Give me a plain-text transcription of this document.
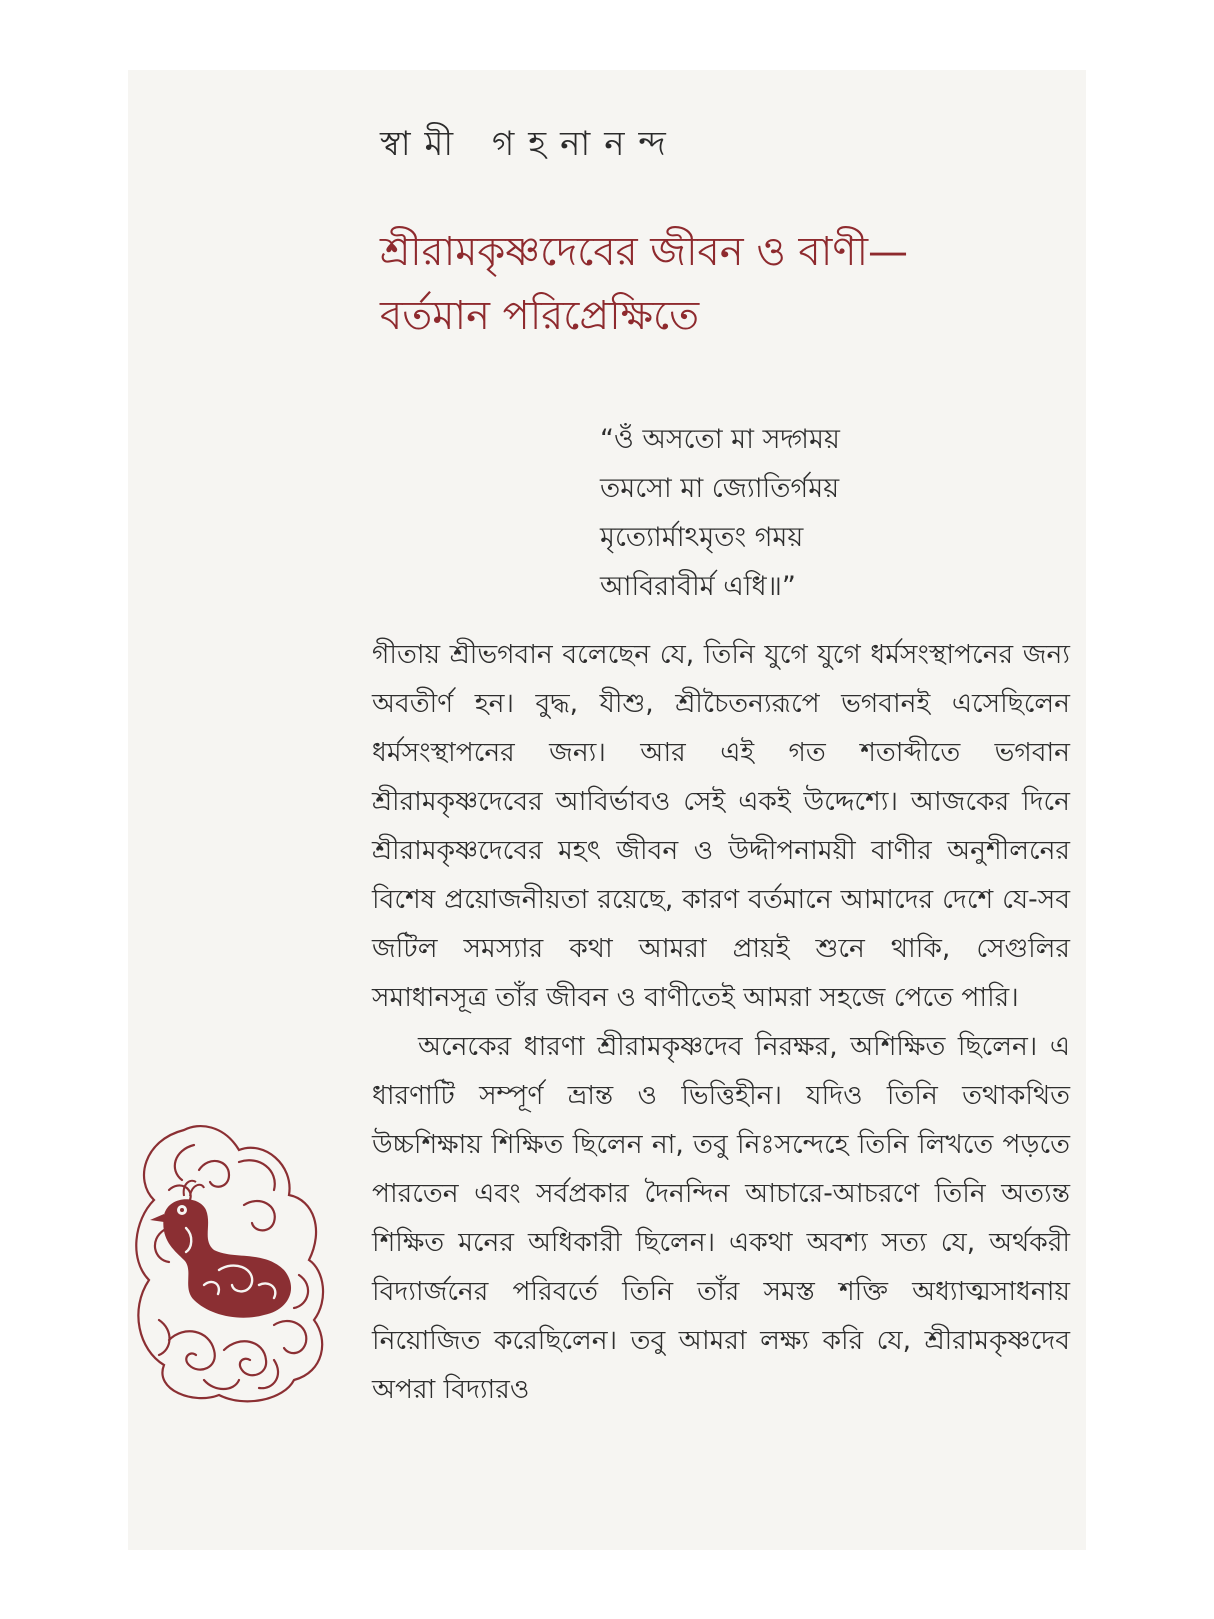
স্বামী গহনানন্দ
শ্রীরামকৃষ্ণদেবের জীবন ও বাণী—
বর্তমান পরিপ্রেক্ষিতে
“ওঁ অসতো মা সদ্গময়
তমসো মা জ্যোতির্গময়
মৃত্যোর্মাঽমৃতং গময়
আবিরাবীর্ম এধি॥”

গীতায় শ্রীভগবান বলেছেন যে, তিনি যুগে যুগে ধর্মসংস্থাপনের জন্য অবতীর্ণ হন। বুদ্ধ, যীশু, শ্রীচৈতন্যরূপে ভগবানই এসেছিলেন ধর্মসংস্থাপনের জন্য। আর এই গত শতাব্দীতে ভগবান শ্রীরামকৃষ্ণদেবের আবির্ভাবও সেই একই উদ্দেশ্যে। আজকের দিনে শ্রীরামকৃষ্ণদেবের মহৎ জীবন ও উদ্দীপনাময়ী বাণীর অনুশীলনের বিশেষ প্রয়োজনীয়তা রয়েছে, কারণ বর্তমানে আমাদের দেশে যে-সব জটিল সমস্যার কথা আমরা প্রায়ই শুনে থাকি, সেগুলির সমাধানসূত্র তাঁর জীবন ও বাণীতেই আমরা সহজে পেতে পারি।

অনেকের ধারণা শ্রীরামকৃষ্ণদেব নিরক্ষর, অশিক্ষিত ছিলেন। এ ধারণাটি সম্পূর্ণ ভ্রান্ত ও ভিত্তিহীন। যদিও তিনি তথাকথিত উচ্চশিক্ষায় শিক্ষিত ছিলেন না, তবু নিঃসন্দেহে তিনি লিখতে পড়তে পারতেন এবং সর্বপ্রকার দৈনন্দিন আচারে-আচরণে তিনি অত্যন্ত শিক্ষিত মনের অধিকারী ছিলেন। একথা অবশ্য সত্য যে, অর্থকরী বিদ্যার্জনের পরিবর্তে তিনি তাঁর সমস্ত শক্তি অধ্যাত্মসাধনায় নিয়োজিত করেছিলেন। তবু আমরা লক্ষ্য করি যে, শ্রীরামকৃষ্ণদেব অপরা বিদ্যারও
